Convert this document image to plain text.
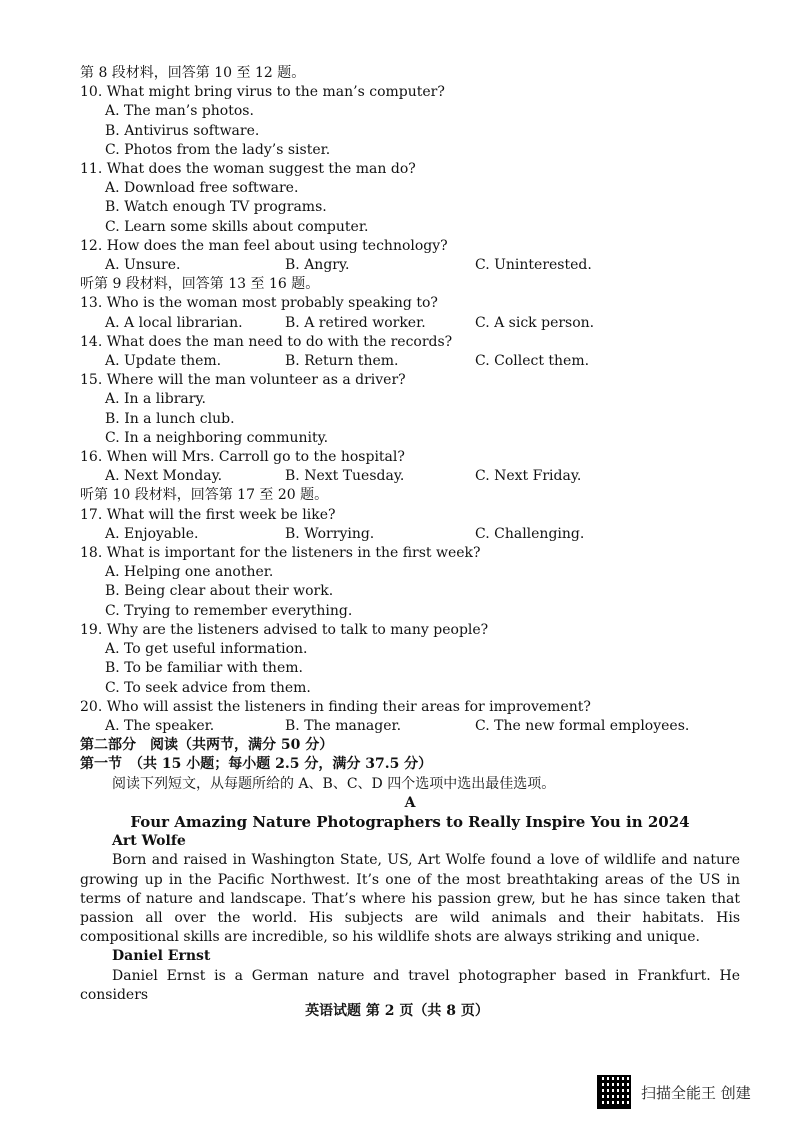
第 8 段材料，回答第 10 至 12 题。
10. What might bring virus to the man’s computer?
A. The man’s photos.
B. Antivirus software.
C. Photos from the lady’s sister.
11. What does the woman suggest the man do?
A. Download free software.
B. Watch enough TV programs.
C. Learn some skills about computer.
12. How does the man feel about using technology?
A. Unsure.	B. Angry.	C. Uninterested.
听第 9 段材料，回答第 13 至 16 题。
13. Who is the woman most probably speaking to?
A. A local librarian.	B. A retired worker.	C. A sick person.
14. What does the man need to do with the records?
A. Update them.	B. Return them.	C. Collect them.
15. Where will the man volunteer as a driver?
A. In a library.
B. In a lunch club.
C. In a neighboring community.
16. When will Mrs. Carroll go to the hospital?
A. Next Monday.	B. Next Tuesday.	C. Next Friday.
听第 10 段材料，回答第 17 至 20 题。
17. What will the first week be like?
A. Enjoyable.	B. Worrying.	C. Challenging.
18. What is important for the listeners in the first week?
A. Helping one another.
B. Being clear about their work.
C. Trying to remember everything.
19. Why are the listeners advised to talk to many people?
A. To get useful information.
B. To be familiar with them.
C. To seek advice from them.
20. Who will assist the listeners in finding their areas for improvement?
A. The speaker.	B. The manager.	C. The new formal employees.
第二部分　阅读（共两节，满分 50 分）
第一节　（共 15 小题；每小题 2.5 分，满分 37.5 分）
阅读下列短文，从每题所给的 A、B、C、D 四个选项中选出最佳选项。
A
Four Amazing Nature Photographers to Really Inspire You in 2024
Art Wolfe
Born and raised in Washington State, US, Art Wolfe found a love of wildlife and nature growing up in the Pacific Northwest. It’s one of the most breathtaking areas of the US in terms of nature and landscape. That’s where his passion grew, but he has since taken that passion all over the world. His subjects are wild animals and their habitats. His compositional skills are incredible, so his wildlife shots are always striking and unique.
Daniel Ernst
Daniel Ernst is a German nature and travel photographer based in Frankfurt. He considers
英语试题 第 2 页（共 8 页）
扫描全能王 创建
